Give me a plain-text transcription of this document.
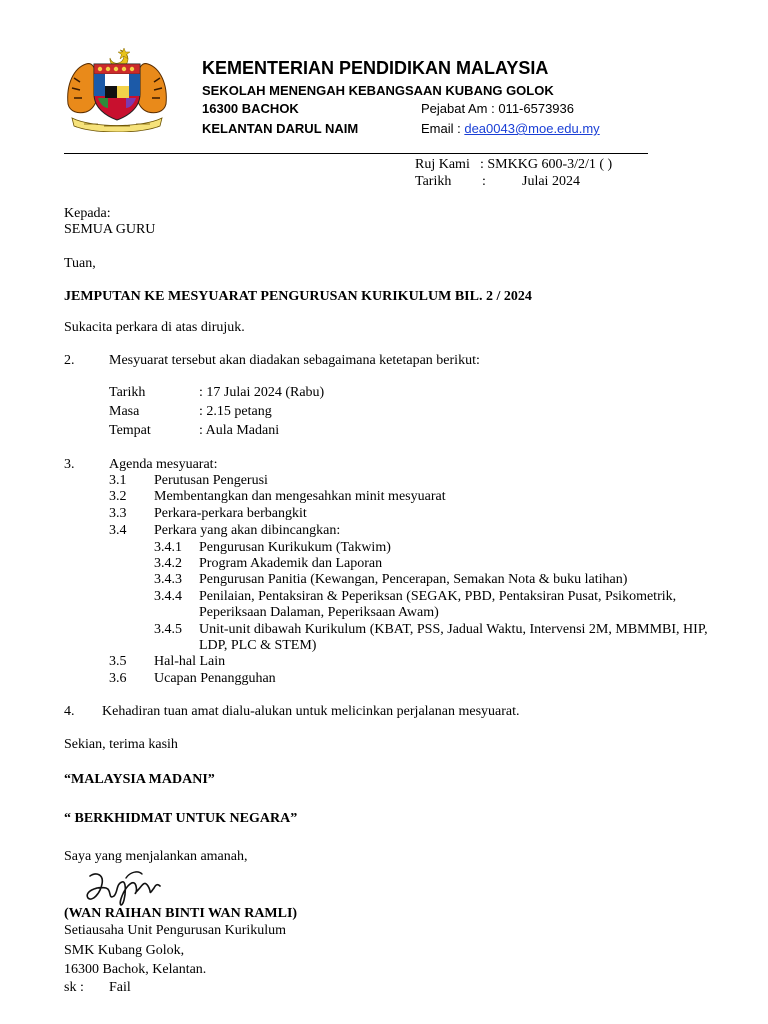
KEMENTERIAN PENDIDIKAN MALAYSIA
SEKOLAH MENENGAH KEBANGSAAN KUBANG GOLOK
16300 BACHOK
KELANTAN DARUL NAIM
Pejabat Am : 011-6573936
Email : dea0043@moe.edu.my
Ruj Kami : SMKKG 600-3/2/1 ( )
Tarikh :	Julai 2024
Kepada:
SEMUA GURU
Tuan,
JEMPUTAN KE MESYUARAT PENGURUSAN KURIKULUM BIL. 2 / 2024
Sukacita perkara di atas dirujuk.
2. Mesyuarat tersebut akan diadakan sebagaimana ketetapan berikut:
Tarikh	: 17 Julai 2024 (Rabu)
Masa	: 2.15 petang
Tempat	: Aula Madani
3. Agenda mesyuarat:
3.1 Perutusan Pengerusi
3.2 Membentangkan dan mengesahkan minit mesyuarat
3.3 Perkara-perkara berbangkit
3.4 Perkara yang akan dibincangkan:
3.4.1 Pengurusan Kurikukum (Takwim)
3.4.2 Program Akademik dan Laporan
3.4.3 Pengurusan Panitia (Kewangan, Pencerapan, Semakan Nota & buku latihan)
3.4.4 Penilaian, Pentaksiran & Peperiksan (SEGAK, PBD, Pentaksiran Pusat, Psikometrik,
Peperiksaan Dalaman, Peperiksaan Awam)
3.4.5 Unit-unit dibawah Kurikulum (KBAT, PSS, Jadual Waktu, Intervensi 2M, MBMMBI, HIP,
LDP, PLC & STEM)
3.5 Hal-hal Lain
3.6 Ucapan Penangguhan
4. Kehadiran tuan amat dialu-alukan untuk melicinkan perjalanan mesyuarat.
Sekian, terima kasih
“MALAYSIA MADANI”
“ BERKHIDMAT UNTUK NEGARA”
Saya yang menjalankan amanah,
(WAN RAIHAN BINTI WAN RAMLI)
Setiausaha Unit Pengurusan Kurikulum
SMK Kubang Golok,
16300 Bachok, Kelantan.
sk : Fail
